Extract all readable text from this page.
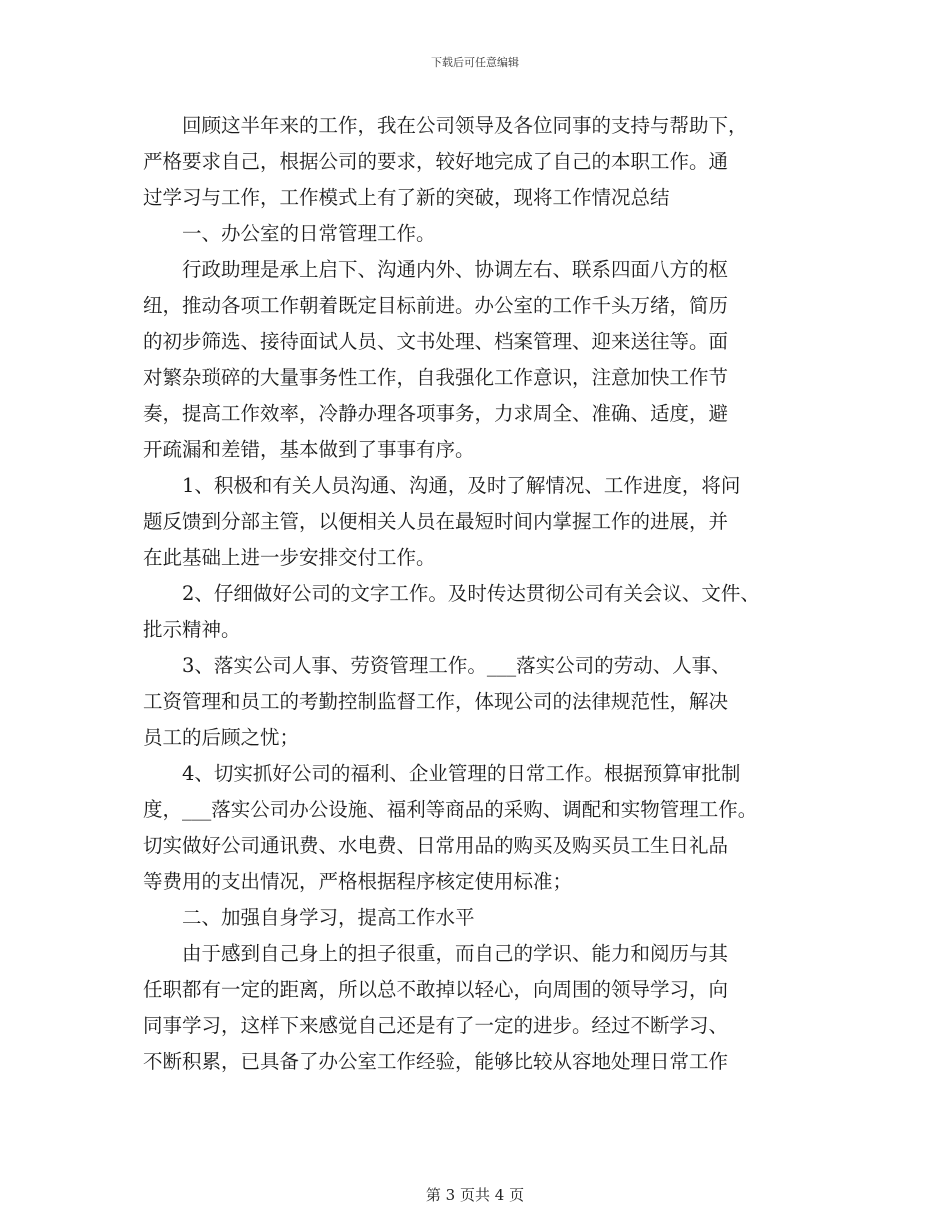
下载后可任意编辑

回顾这半年来的工作，我在公司领导及各位同事的支持与帮助下，
严格要求自己，根据公司的要求，较好地完成了自己的本职工作。通
过学习与工作，工作模式上有了新的突破，现将工作情况总结

一、办公室的日常管理工作。

行政助理是承上启下、沟通内外、协调左右、联系四面八方的枢
纽，推动各项工作朝着既定目标前进。办公室的工作千头万绪，简历
的初步筛选、接待面试人员、文书处理、档案管理、迎来送往等。面
对繁杂琐碎的大量事务性工作，自我强化工作意识，注意加快工作节
奏，提高工作效率，冷静办理各项事务，力求周全、准确、适度，避
开疏漏和差错，基本做到了事事有序。

1、积极和有关人员沟通、沟通，及时了解情况、工作进度，将问
题反馈到分部主管，以便相关人员在最短时间内掌握工作的进展，并
在此基础上进一步安排交付工作。

2、仔细做好公司的文字工作。及时传达贯彻公司有关会议、文件、
批示精神。

3、落实公司人事、劳资管理工作。___落实公司的劳动、人事、
工资管理和员工的考勤控制监督工作，体现公司的法律规范性，解决
员工的后顾之忧；

4、切实抓好公司的福利、企业管理的日常工作。根据预算审批制
度，___落实公司办公设施、福利等商品的采购、调配和实物管理工作。
切实做好公司通讯费、水电费、日常用品的购买及购买员工生日礼品
等费用的支出情况，严格根据程序核定使用标准；

二、加强自身学习，提高工作水平

由于感到自己身上的担子很重，而自己的学识、能力和阅历与其
任职都有一定的距离，所以总不敢掉以轻心，向周围的领导学习，向
同事学习，这样下来感觉自己还是有了一定的进步。经过不断学习、
不断积累，已具备了办公室工作经验，能够比较从容地处理日常工作

第 3 页共 4 页
